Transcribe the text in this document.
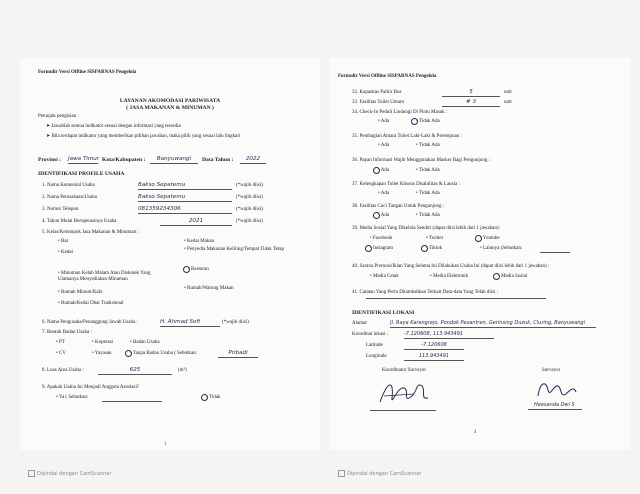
Formulir Versi Offline SISPARNAS Pengelola
LAYANAN AKOMODASI PARIWISATA
( JASA MAKANAN & MINUMAN )
Petunjuk pengisian :
➤ Jawablah semua indikator sesuai dengan informasi yang tersedia
➤ Bila terdapat indikator yang memberikan pilihan jawaban, maka pilih yang sesuai lalu lingkari
Provinsi : Jawa Timur Kota/Kabupaten :	Banyuwangi	Data Tahun :	2022
IDENTIFIKASI PROFILE USAHA
1. Nama Komersial Usaha	Bakso Sepatemu	(*wajib diisi)
2. Nama Perusahaan/Usaha	Bakso Sepatemu	(*wajib diisi)
3. Nomor Telepon	081359234306	(*wajib diisi)
4. Tahun Mulai Beroperasinya Usaha	2021	(*wajib diisi)
5. Kelas/Kelompok Jasa Makanan & Minuman :
• Bar
• Kedai
• Minuman Kelab Malam Atau Diskotek Yang Utamanya Menyediakan Minuman
• Rumah Minum/Kafe
• Rumah/Kedai Obat Tradisional
• Kedai Makan
• Penyedia Makanan Keliling/Tempat Tidak Tetap
• Restoran
• Rumah/Warung Makan
6. Nama Pengusaha/Penanggung Jawab Usaha :	H. Ahmad Sofi	(*wajib diisi)
7. Bentuk Badan Usaha :
• PT	• Koperasi	• Badan Usaha
• CV	• Yayasan	• Tanpa Badan Usaha ( Sebutkan:	Pribadi
8. Luas Area Usaha :	625	(m²)
9. Apakah Usaha Ini Menjadi Anggota Asosiasi?
• Ya ( Sebutkan:	• Tidak
1
Formulir Versi Offline SISPARNAS Pengelola
32. Kapasitas Parkir Bus	5	unit
33. Fasilitas Toilet Umum	# 3	unit
34. Check-In Peduli Lindungi Di Pintu Masuk :
• Ada	• Tidak Ada
35. Pembagian Antara Toilet Laki-Laki & Perempuan :
• Ada	• Tidak Ada
36. Papan Informasi Wajib Menggunakan Masker Bagi Pengunjung :
• Ada	• Tidak Ada
37. Kelengkapan Toilet Khusus Disabilitas & Lansia :
• Ada	• Tidak Ada
38. Fasilitas Cuci Tangan Untuk Pengunjung :
• Ada	• Tidak Ada
39. Media Sosial Yang Dikelola Sendiri (dapat diisi lebih dari 1 jawaban):
• Facebook	• Twitter	• Youtube
• Instagram	• Tiktok	• Lainnya (Sebutkan:
40. Sarana Promosi/Iklan Yang Selama Ini Dilakukan Usaha Ini (dapat diisi lebih dari 1 jawaban) :
• Media Cetak	• Media Elektronik	• Media Sosial
41. Catatan Yang Perlu Ditambahkan Terkait Data-data Yang Telah diisi :
IDENTIFIKASI LOKASI
Alamat	Jl. Raya Karangrejo, Pondok Pesantren, Gerinsing Duzuk, Cluring, Banyuwangi
Koordinat lokasi :	-7.120608, 113.943491
Latitude	-7.120608
Longitude	113.943491
Koordinator Surveyor	Surveyor
Heesanda Dwi S
4
Dipindai dengan CamScanner	Dipindai dengan CamScanner
